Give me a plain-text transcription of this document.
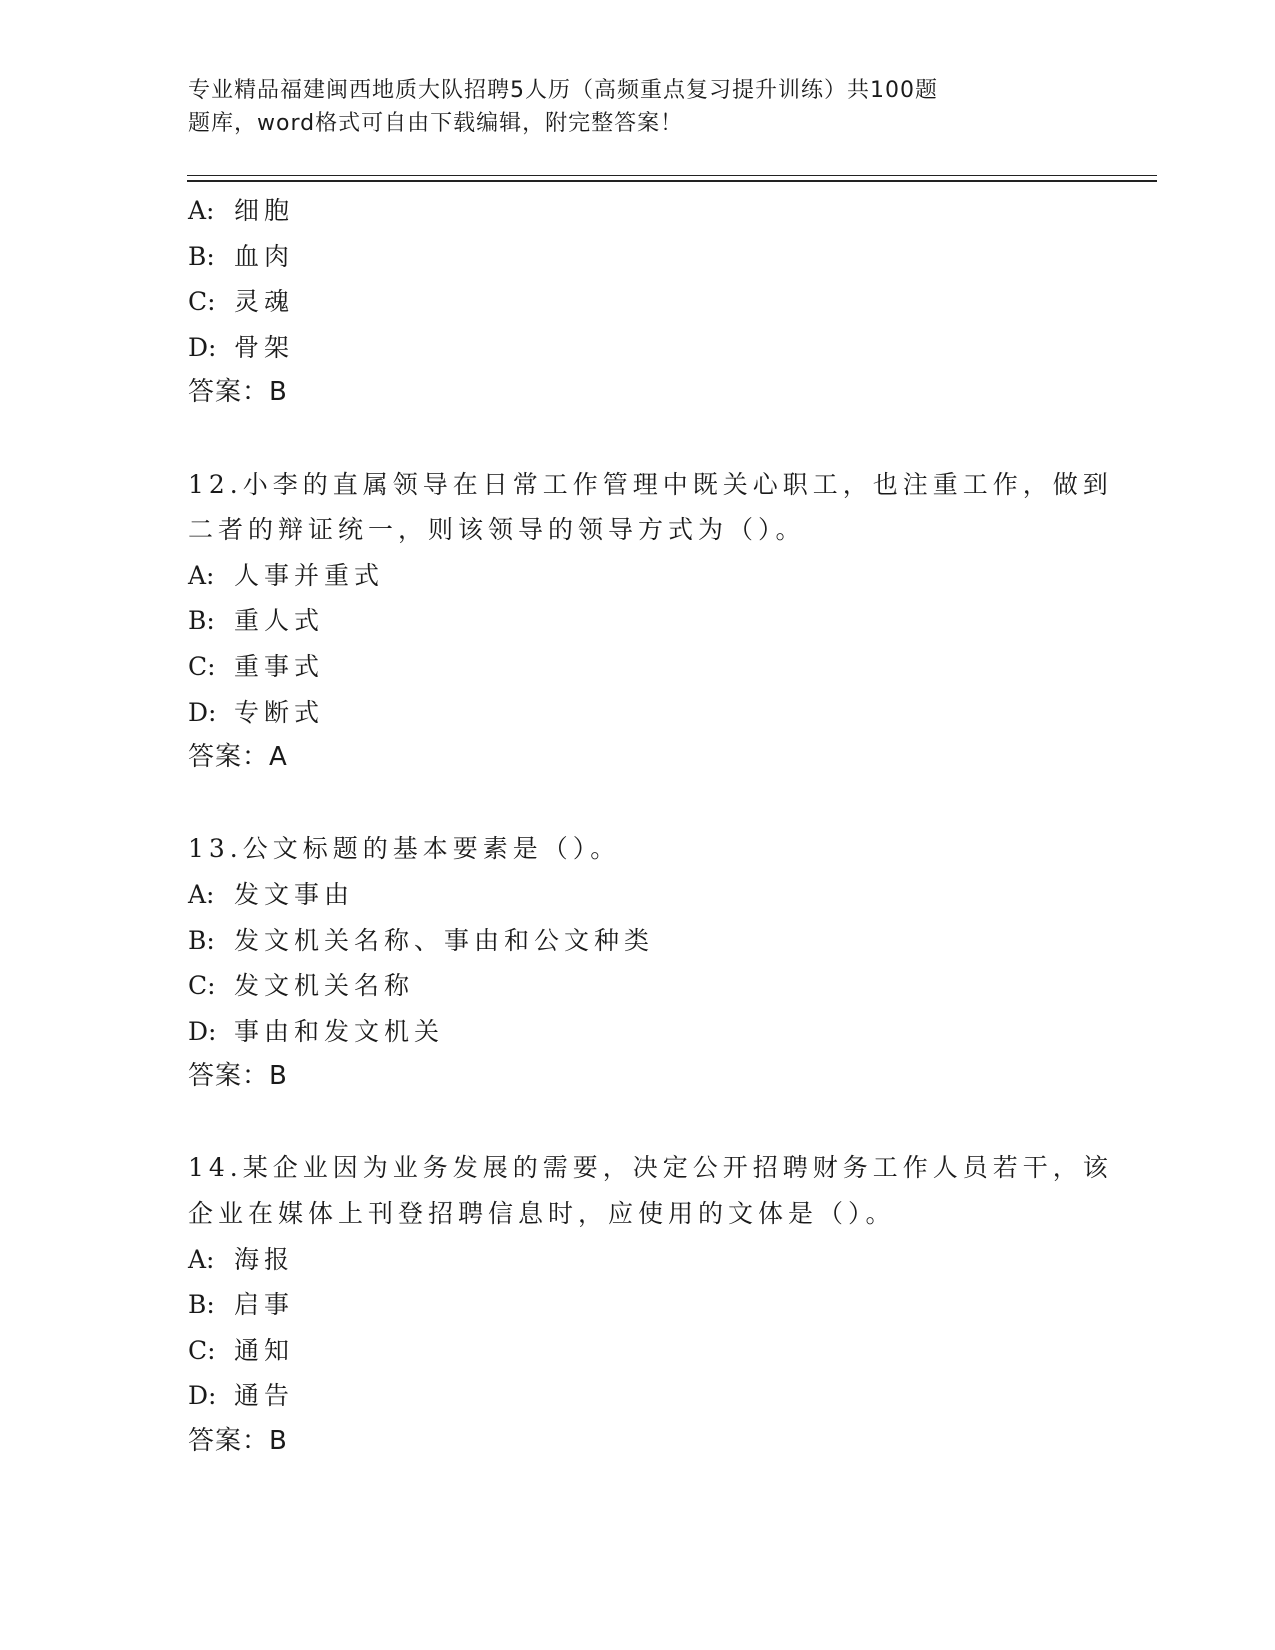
专业精品福建闽西地质大队招聘5人历（高频重点复习提升训练）共100题
题库，word格式可自由下载编辑，附完整答案！
A: 细胞
B: 血肉
C: 灵魂
D: 骨架
答案：B
12.小李的直属领导在日常工作管理中既关心职工，也注重工作，做到
二者的辩证统一，则该领导的领导方式为（）。
A: 人事并重式
B: 重人式
C: 重事式
D: 专断式
答案：A
13.公文标题的基本要素是（）。
A: 发文事由
B: 发文机关名称、事由和公文种类
C: 发文机关名称
D: 事由和发文机关
答案：B
14.某企业因为业务发展的需要，决定公开招聘财务工作人员若干，该
企业在媒体上刊登招聘信息时，应使用的文体是（）。
A: 海报
B: 启事
C: 通知
D: 通告
答案：B
